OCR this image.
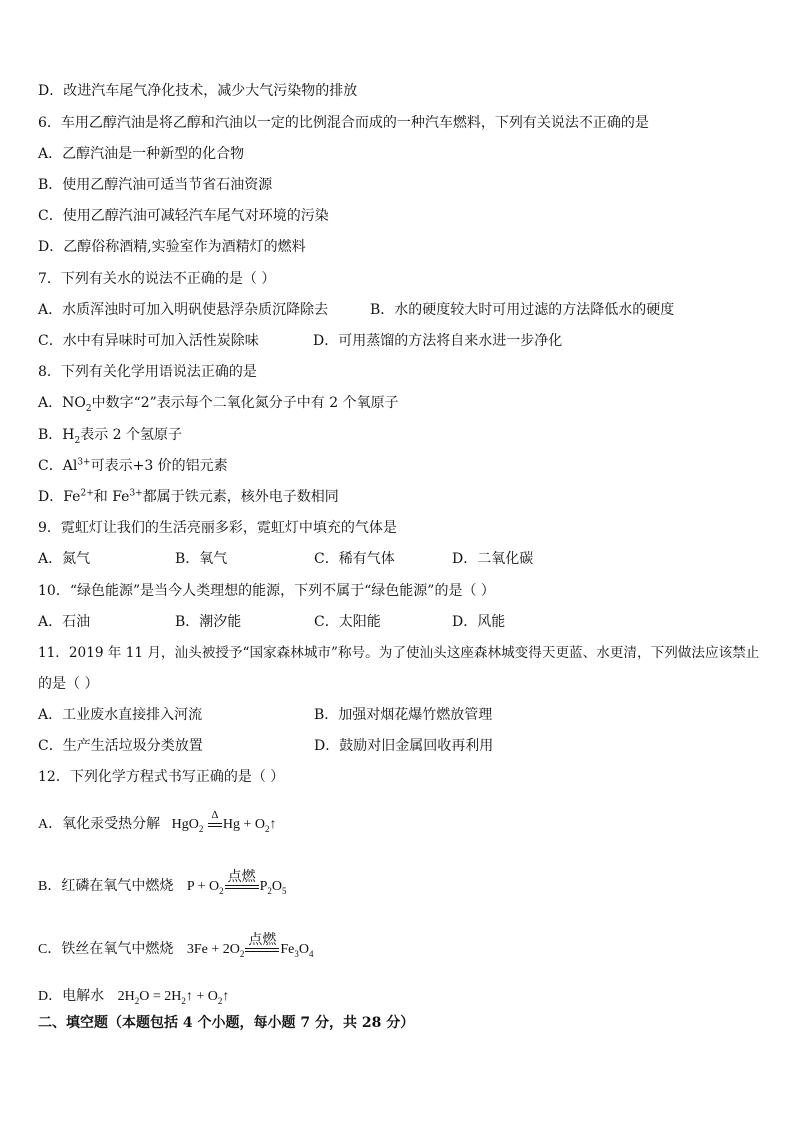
D．改进汽车尾气净化技术，减少大气污染物的排放
6．车用乙醇汽油是将乙醇和汽油以一定的比例混合而成的一种汽车燃料，下列有关说法不正确的是
A．乙醇汽油是一种新型的化合物
B．使用乙醇汽油可适当节省石油资源
C．使用乙醇汽油可减轻汽车尾气对环境的污染
D．乙醇俗称酒精,实验室作为酒精灯的燃料
7．下列有关水的说法不正确的是（ ）
A．水质浑浊时可加入明矾使悬浮杂质沉降除去	B．水的硬度较大时可用过滤的方法降低水的硬度
C．水中有异味时可加入活性炭除味	D．可用蒸馏的方法将自来水进一步净化
8．下列有关化学用语说法正确的是
A．$NO_2$中数字“2”表示每个二氧化氮分子中有 2 个氧原子
B．$H_2$表示 2 个氢原子
C．$Al^{3+}$可表示+3 价的铝元素
D．$Fe^{2+}$和 $Fe^{3+}$都属于铁元素，核外电子数相同
9．霓虹灯让我们的生活亮丽多彩，霓虹灯中填充的气体是
A．氮气	B．氧气	C．稀有气体	D．二氧化碳
10．“绿色能源”是当今人类理想的能源，下列不属于“绿色能源”的是（ ）
A．石油	B．潮汐能	C．太阳能	D．风能
11．2019 年 11 月，汕头被授予“国家森林城市”称号。为了使汕头这座森林城变得天更蓝、水更清，下列做法应该禁止
的是（ ）
A．工业废水直接排入河流	B．加强对烟花爆竹燃放管理
C．生产生活垃圾分类放置	D．鼓励对旧金属回收再利用
12．下列化学方程式书写正确的是（ ）
A．氧化汞受热分解 HgO$_2$
Δ
$Hg + O_2↑$
B．红磷在氧气中燃烧 $P + O_2$
点燃
$P_2O_5$
C．铁丝在氧气中燃烧 $3Fe + 2O_2$
点燃
$Fe_3O_4$
D．电解水 $2H_2O$ = $2H_2↑$ + $O_2↑$
二、填空题（本题包括 4 个小题，每小题 7 分，共 28 分）
